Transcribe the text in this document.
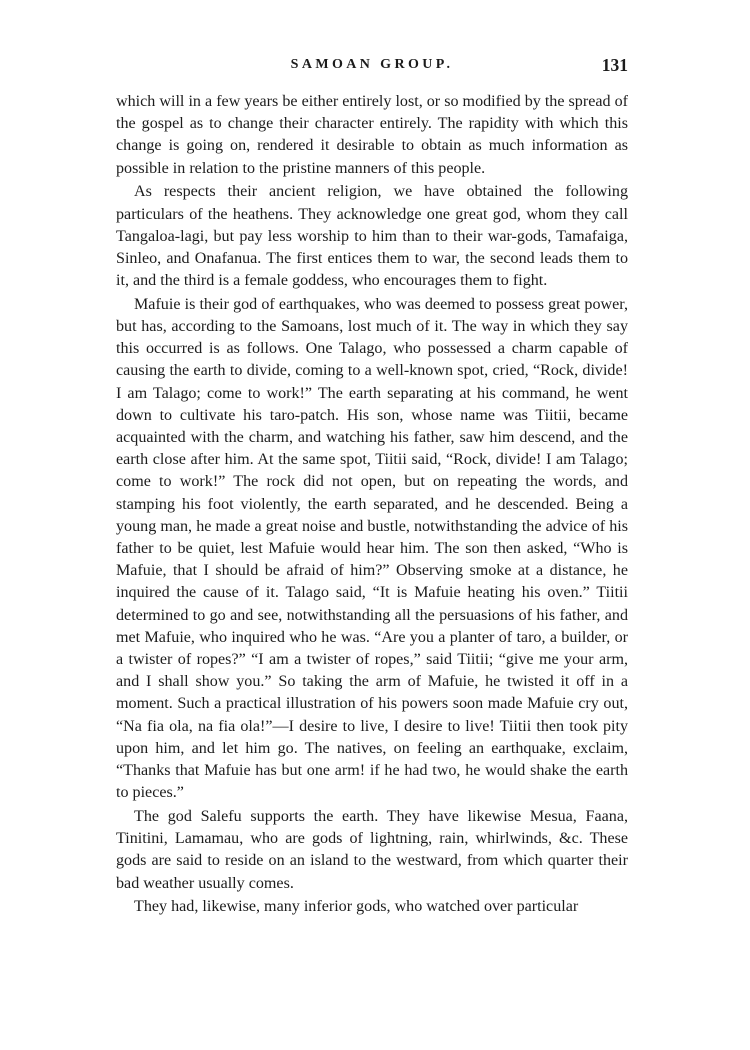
SAMOAN GROUP.	131

which will in a few years be either entirely lost, or so modified by the spread of the gospel as to change their character entirely. The rapidity with which this change is going on, rendered it desirable to obtain as much information as possible in relation to the pristine manners of this people.

As respects their ancient religion, we have obtained the following particulars of the heathens. They acknowledge one great god, whom they call Tangaloa-lagi, but pay less worship to him than to their war-gods, Tamafaiga, Sinleo, and Onafanua. The first entices them to war, the second leads them to it, and the third is a female goddess, who encourages them to fight.

Mafuie is their god of earthquakes, who was deemed to possess great power, but has, according to the Samoans, lost much of it. The way in which they say this occurred is as follows. One Talago, who possessed a charm capable of causing the earth to divide, coming to a well-known spot, cried, “Rock, divide! I am Talago; come to work!” The earth separating at his command, he went down to cultivate his taro-patch. His son, whose name was Tiitii, became acquainted with the charm, and watching his father, saw him descend, and the earth close after him. At the same spot, Tiitii said, “Rock, divide! I am Talago; come to work!” The rock did not open, but on repeating the words, and stamping his foot violently, the earth separated, and he descended. Being a young man, he made a great noise and bustle, notwithstanding the advice of his father to be quiet, lest Mafuie would hear him. The son then asked, “Who is Mafuie, that I should be afraid of him?” Observing smoke at a distance, he inquired the cause of it. Talago said, “It is Mafuie heating his oven.” Tiitii determined to go and see, notwithstanding all the persuasions of his father, and met Mafuie, who inquired who he was. “Are you a planter of taro, a builder, or a twister of ropes?” “I am a twister of ropes,” said Tiitii; “give me your arm, and I shall show you.” So taking the arm of Mafuie, he twisted it off in a moment. Such a practical illustration of his powers soon made Mafuie cry out, “Na fia ola, na fia ola!”—I desire to live, I desire to live! Tiitii then took pity upon him, and let him go. The natives, on feeling an earthquake, exclaim, “Thanks that Mafuie has but one arm! if he had two, he would shake the earth to pieces.”

The god Salefu supports the earth. They have likewise Mesua, Faana, Tinitini, Lamamau, who are gods of lightning, rain, whirlwinds, &c. These gods are said to reside on an island to the westward, from which quarter their bad weather usually comes.

They had, likewise, many inferior gods, who watched over particular
